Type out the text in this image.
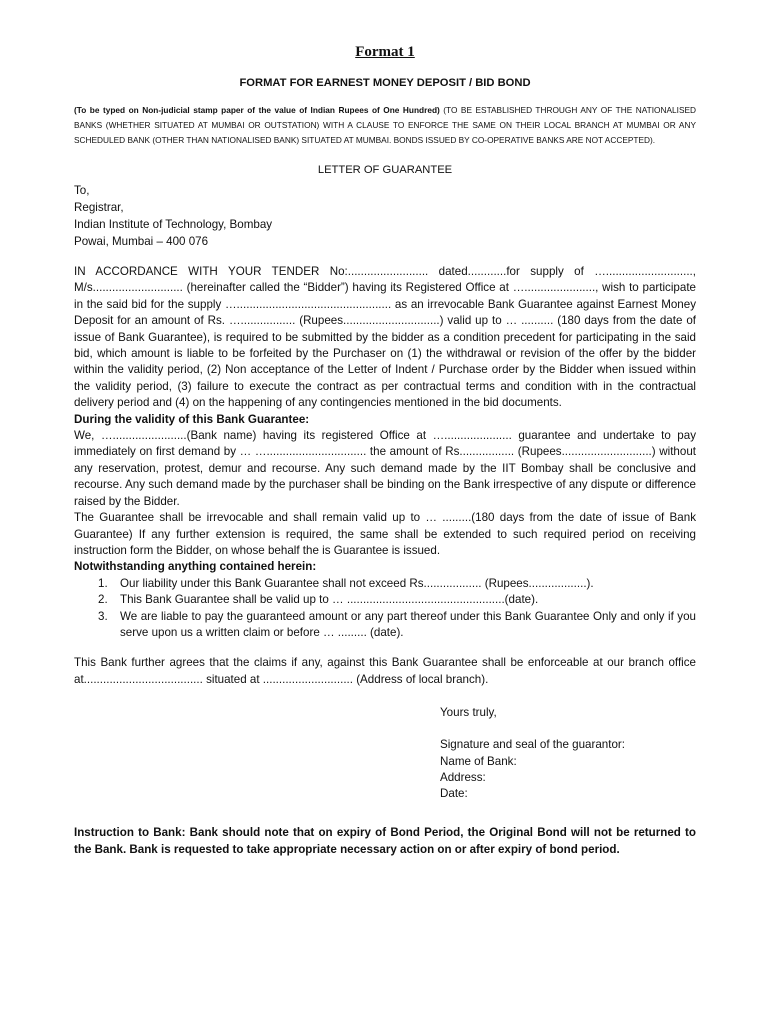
Format 1
FORMAT FOR EARNEST MONEY DEPOSIT / BID BOND
(To be typed on Non-judicial stamp paper of the value of Indian Rupees of One Hundred) (TO BE ESTABLISHED THROUGH ANY OF THE NATIONALISED BANKS (WHETHER SITUATED AT MUMBAI OR OUTSTATION) WITH A CLAUSE TO ENFORCE THE SAME ON THEIR LOCAL BRANCH AT MUMBAI OR ANY SCHEDULED BANK (OTHER THAN NATIONALISED BANK) SITUATED AT MUMBAI. BONDS ISSUED BY CO-OPERATIVE BANKS ARE NOT ACCEPTED).
LETTER OF GUARANTEE
To,
Registrar,
Indian Institute of Technology, Bombay
Powai, Mumbai – 400 076

IN ACCORDANCE WITH YOUR TENDER No:......................... dated............for supply of …..........................., M/s............................ (hereinafter called the “Bidder”) having its Registered Office at …......................, wish to participate in the said bid for the supply …................................................ as an irrevocable Bank Guarantee against Earnest Money Deposit for an amount of Rs. …................. (Rupees..............................) valid up to … .......... (180 days from the date of issue of Bank Guarantee), is required to be submitted by the bidder as a condition precedent for participating in the said bid, which amount is liable to be forfeited by the Purchaser on (1) the withdrawal or revision of the offer by the bidder within the validity period, (2) Non acceptance of the Letter of Indent / Purchase order by the Bidder when issued within the validity period, (3) failure to execute the contract as per contractual terms and condition with in the contractual delivery period and (4) on the happening of any contingencies mentioned in the bid documents.

During the validity of this Bank Guarantee:

We, ….......................(Bank name) having its registered Office at …..................... guarantee and undertake to pay immediately on first demand by … …............................... the amount of Rs................. (Rupees............................) without any reservation, protest, demur and recourse. Any such demand made by the IIT Bombay shall be conclusive and recourse. Any such demand made by the purchaser shall be binding on the Bank irrespective of any dispute or difference raised by the Bidder.

The Guarantee shall be irrevocable and shall remain valid up to … .........(180 days from the date of issue of Bank Guarantee) If any further extension is required, the same shall be extended to such required period on receiving instruction form the Bidder, on whose behalf the is Guarantee is issued.

Notwithstanding anything contained herein:

1. Our liability under this Bank Guarantee shall not exceed Rs.................. (Rupees..................).
2. This Bank Guarantee shall be valid up to … .................................................(date).
3. We are liable to pay the guaranteed amount or any part thereof under this Bank Guarantee Only and only if you serve upon us a written claim or before … ......... (date).

This Bank further agrees that the claims if any, against this Bank Guarantee shall be enforceable at our branch office at..................................... situated at ............................ (Address of local branch).

Yours truly,
Signature and seal of the guarantor:
Name of Bank:
Address:
Date:
Instruction to Bank: Bank should note that on expiry of Bond Period, the Original Bond will not be returned to the Bank. Bank is requested to take appropriate necessary action on or after expiry of bond period.
